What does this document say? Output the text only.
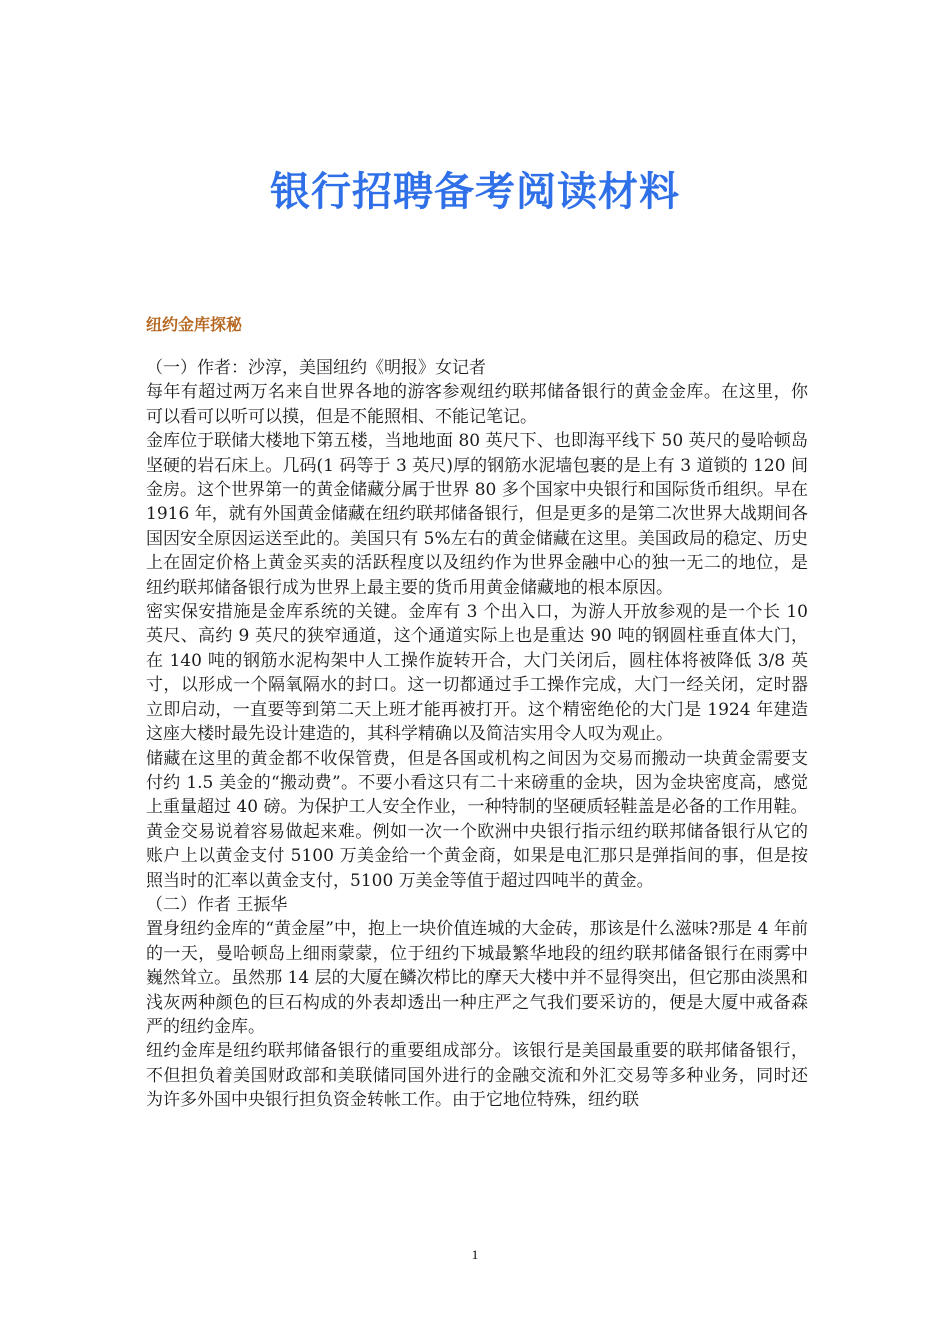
银行招聘备考阅读材料
纽约金库探秘

（一）作者：沙淳，美国纽约《明报》女记者

每年有超过两万名来自世界各地的游客参观纽约联邦储备银行的黄金金库。在这里，你可以看可以听可以摸，但是不能照相、不能记笔记。

金库位于联储大楼地下第五楼，当地地面 80 英尺下、也即海平线下 50 英尺的曼哈顿岛坚硬的岩石床上。几码(1 码等于 3 英尺)厚的钢筋水泥墙包裹的是上有 3 道锁的 120 间金房。这个世界第一的黄金储藏分属于世界 80 多个国家中央银行和国际货币组织。早在 1916 年，就有外国黄金储藏在纽约联邦储备银行，但是更多的是第二次世界大战期间各国因安全原因运送至此的。美国只有 5%左右的黄金储藏在这里。美国政局的稳定、历史上在固定价格上黄金买卖的活跃程度以及纽约作为世界金融中心的独一无二的地位，是纽约联邦储备银行成为世界上最主要的货币用黄金储藏地的根本原因。

密实保安措施是金库系统的关键。金库有 3 个出入口，为游人开放参观的是一个长 10 英尺、高约 9 英尺的狭窄通道，这个通道实际上也是重达 90 吨的钢圆柱垂直体大门，在 140 吨的钢筋水泥构架中人工操作旋转开合，大门关闭后，圆柱体将被降低 3/8 英寸，以形成一个隔氧隔水的封口。这一切都通过手工操作完成，大门一经关闭，定时器立即启动，一直要等到第二天上班才能再被打开。这个精密绝伦的大门是 1924 年建造这座大楼时最先设计建造的，其科学精确以及简洁实用令人叹为观止。

储藏在这里的黄金都不收保管费，但是各国或机构之间因为交易而搬动一块黄金需要支付约 1.5 美金的“搬动费”。不要小看这只有二十来磅重的金块，因为金块密度高，感觉上重量超过 40 磅。为保护工人安全作业，一种特制的坚硬质轻鞋盖是必备的工作用鞋。

黄金交易说着容易做起来难。例如一次一个欧洲中央银行指示纽约联邦储备银行从它的账户上以黄金支付 5100 万美金给一个黄金商，如果是电汇那只是弹指间的事，但是按照当时的汇率以黄金支付，5100 万美金等值于超过四吨半的黄金。

（二）作者 王振华

置身纽约金库的“黄金屋”中，抱上一块价值连城的大金砖，那该是什么滋味?那是 4 年前的一天，曼哈顿岛上细雨蒙蒙，位于纽约下城最繁华地段的纽约联邦储备银行在雨雾中巍然耸立。虽然那 14 层的大厦在鳞次栉比的摩天大楼中并不显得突出，但它那由淡黑和浅灰两种颜色的巨石构成的外表却透出一种庄严之气我们要采访的，便是大厦中戒备森严的纽约金库。

纽约金库是纽约联邦储备银行的重要组成部分。该银行是美国最重要的联邦储备银行，不但担负着美国财政部和美联储同国外进行的金融交流和外汇交易等多种业务，同时还为许多外国中央银行担负资金转帐工作。由于它地位特殊，纽约联

1
